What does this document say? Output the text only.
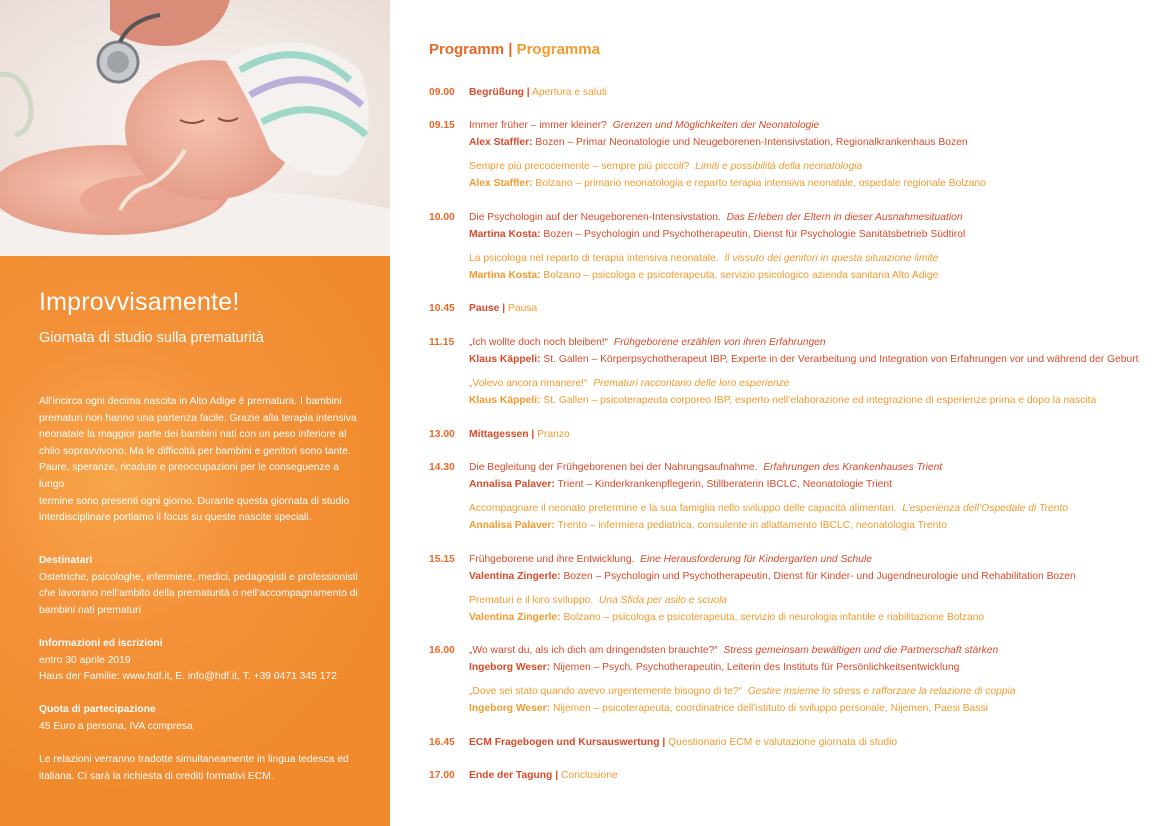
Improvvisamente!
Giornata di studio sulla prematurità
All’incirca ogni decima nascita in Alto Adige è prematura. I bambini
prematuri non hanno una partenza facile. Grazie alla terapia intensiva
neonatale la maggior parte dei bambini nati con un peso inferiore al
chilo sopravvivono. Ma le difficoltà per bambini e genitori sono tante.
Paure, speranze, ricadute e preoccupazioni per le conseguenze a lungo
termine sono presenti ogni giorno. Durante questa giornata di studio
interdisciplinare portiamo il focus su queste nascite speciali.
Destinatari
Ostetriche, psicologhe, infermiere, medici, pedagogisti e professionisti
che lavorano nell’ambito della prematurità o nell’accompagnamento di
bambini nati prematuri
Informazioni ed iscrizioni
entro 30 aprile 2019
Haus der Familie: www.hdf.it, E. info@hdf.it, T. +39 0471 345 172
Quota di partecipazione
45 Euro a persona, IVA compresa
Le relazioni verranno tradotte simultaneamente in lingua tedesca ed
italiana. Ci sarà la richiesta di crediti formativi ECM.
Programm | Programma
09.00	Begrüßung | Apertura e saluti
09.15	Immer früher – immer kleiner? Grenzen und Möglichkeiten der Neonatologie
Alex Staffler: Bozen – Primar Neonatologie und Neugeborenen-Intensivstation, Regionalkrankenhaus Bozen
Sempre più precocemente – sempre più piccoli? Limiti e possibilità della neonatologia
Alex Staffler: Bolzano – primario neonatologia e reparto terapia intensiva neonatale, ospedale regionale Bolzano
10.00	Die Psychologin auf der Neugeborenen-Intensivstation. Das Erleben der Eltern in dieser Ausnahmesituation
Martina Kosta: Bozen – Psychologin und Psychotherapeutin, Dienst für Psychologie Sanitätsbetrieb Südtirol
La psicologa nel reparto di terapia intensiva neonatale. Il vissuto dei genitori in questa situazione limite
Martina Kosta: Bolzano – psicologa e psicoterapeuta, servizio psicologico azienda sanitaria Alto Adige
10.45	Pause | Pausa
11.15	„Ich wollte doch noch bleiben!“ Frühgeborene erzählen von ihren Erfahrungen
Klaus Käppeli: St. Gallen – Körperpsychotherapeut IBP, Experte in der Verarbeitung und Integration von Erfahrungen vor und während der Geburt
„Volevo ancora rimanere!“ Prematuri raccontano delle loro esperienze
Klaus Käppeli: St. Gallen – psicoterapeuta corporeo IBP, esperto nell’elaborazione ed integrazione di esperienze prima e dopo la nascita
13.00	Mittagessen | Pranzo
14.30	Die Begleitung der Frühgeborenen bei der Nahrungsaufnahme. Erfahrungen des Krankenhauses Trient
Annalisa Palaver: Trient – Kinderkrankenpflegerin, Stillberaterin IBCLC, Neonatologie Trient
Accompagnare il neonato pretermine e la sua famiglia nello sviluppo delle capacità alimentari. L’esperienza dell’Ospedale di Trento
Annalisa Palaver: Trento – infermiera pediatrica, consulente in allattamento IBCLC, neonatologia Trento
15.15	Frühgeborene und ihre Entwicklung. Eine Herausforderung für Kindergarten und Schule
Valentina Zingerle: Bozen – Psychologin und Psychotherapeutin, Dienst für Kinder- und Jugendneurologie und Rehabilitation Bozen
Prematuri e il loro sviluppo. Una Sfida per asilo e scuola
Valentina Zingerle: Bolzano – psicologa e psicoterapeuta, servizio di neurologia infantile e riabilitazione Bolzano
16.00	„Wo warst du, als ich dich am dringendsten brauchte?“ Stress gemeinsam bewältigen und die Partnerschaft stärken
Ingeborg Weser: Nijemen – Psych. Psychotherapeutin, Leiterin des Instituts für Persönlichkeitsentwicklung
„Dove sei stato quando avevo urgentemente bisogno di te?“ Gestire insieme lo stress e rafforzare la relazione di coppia
Ingeborg Weser: Nijemen – psicoterapeuta, coordinatrice dell’istituto di sviluppo personale, Nijemen, Paesi Bassi
16.45	ECM Fragebogen und Kursauswertung | Questionario ECM e valutazione giornata di studio
17.00	Ende der Tagung | Conclusione
